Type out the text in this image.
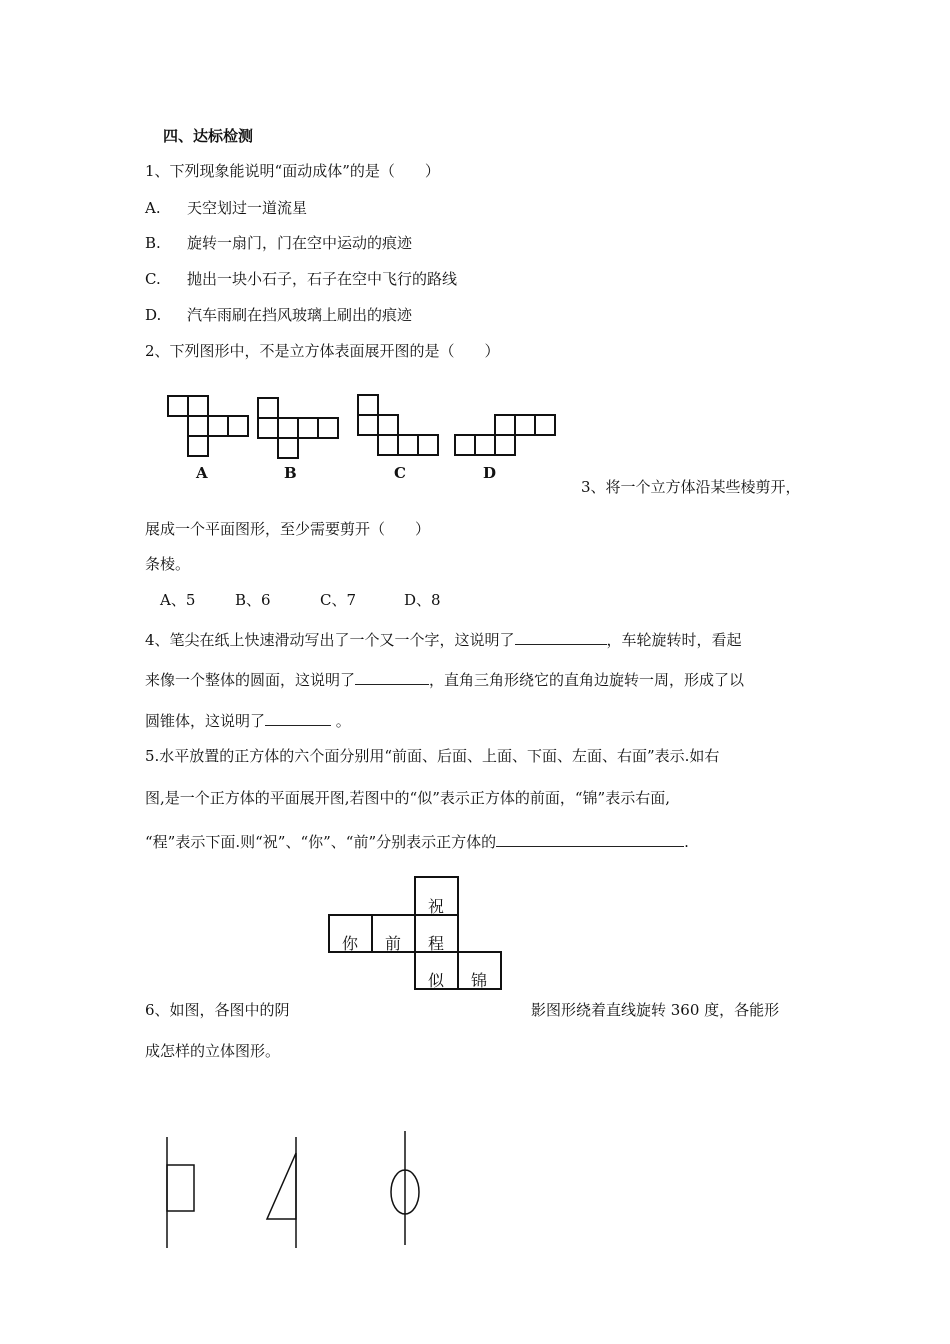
四、达标检测
1、下列现象能说明“面动成体”的是（　　）
A. 天空划过一道流星
B. 旋转一扇门，门在空中运动的痕迹
C. 抛出一块小石子，石子在空中飞行的路线
D. 汽车雨刷在挡风玻璃上刷出的痕迹
2、下列图形中，不是立方体表面展开图的是（　　）
A	B	C	D
祝
你 前 程
似 锦
3、将一个立方体沿某些棱剪开，
展成一个平面图形，至少需要剪开（　　）
条棱。
A、5	B、6	C、7	D、8
4、笔尖在纸上快速滑动写出了一个又一个字，这说明了	，车轮旋转时，看起
来像一个整体的圆面，这说明了	，直角三角形绕它的直角边旋转一周，形成了以
圆锥体，这说明了	。
5.水平放置的正方体的六个面分别用“前面、后面、上面、下面、左面、右面”表示.如右
图,是一个正方体的平面展开图,若图中的“似”表示正方体的前面，“锦”表示右面,
“程”表示下面.则“祝”、“你”、“前”分别表示正方体的	.
6、如图，各图中的阴	影图形绕着直线旋转 360 度，各能形
成怎样的立体图形。
